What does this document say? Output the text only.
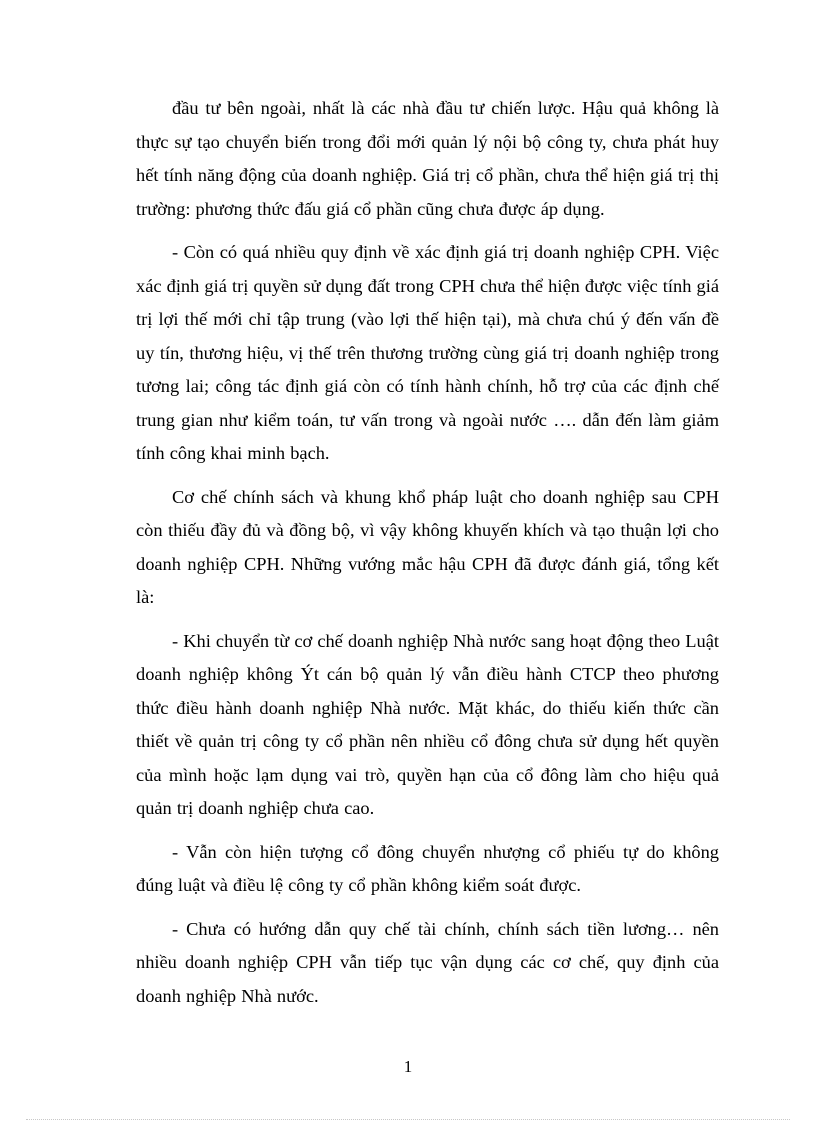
đầu tư bên ngoài, nhất là các nhà đầu tư chiến lược. Hậu quả không là thực sự tạo chuyển biến trong đổi mới quản lý nội bộ công ty, chưa phát huy hết tính năng động của doanh nghiệp. Giá trị cổ phần, chưa thể hiện giá trị thị trường: phương thức đấu giá cổ phần cũng chưa được áp dụng.

- Còn có quá nhiều quy định về xác định giá trị doanh nghiệp CPH. Việc xác định giá trị quyền sử dụng đất trong CPH chưa thể hiện được việc tính giá trị lợi thế mới chỉ tập trung (vào lợi thế hiện tại), mà chưa chú ý đến vấn đề uy tín, thương hiệu, vị thế trên thương trường cùng giá trị doanh nghiệp trong tương lai; công tác định giá còn có tính hành chính, hỗ trợ của các định chế trung gian như kiểm toán, tư vấn trong và ngoài nước …. dẫn đến làm giảm tính công khai minh bạch.

Cơ chế chính sách và khung khổ pháp luật cho doanh nghiệp sau CPH còn thiếu đầy đủ và đồng bộ, vì vậy không khuyến khích và tạo thuận lợi cho doanh nghiệp CPH. Những vướng mắc hậu CPH đã được đánh giá, tổng kết là:

- Khi chuyển từ cơ chế doanh nghiệp Nhà nước sang hoạt động theo Luật doanh nghiệp không Ýt cán bộ quản lý vẫn điều hành CTCP theo phương thức điều hành doanh nghiệp Nhà nước. Mặt khác, do thiếu kiến thức cần thiết về quản trị công ty cổ phần nên nhiều cổ đông chưa sử dụng hết quyền của mình hoặc lạm dụng vai trò, quyền hạn của cổ đông làm cho hiệu quả quản trị doanh nghiệp chưa cao.

- Vẫn còn hiện tượng cổ đông chuyển nhượng cổ phiếu tự do không đúng luật và điều lệ công ty cổ phần không kiểm soát được.

- Chưa có hướng dẫn quy chế tài chính, chính sách tiền lương… nên nhiều doanh nghiệp CPH vẫn tiếp tục vận dụng các cơ chế, quy định của doanh nghiệp Nhà nước.

1
